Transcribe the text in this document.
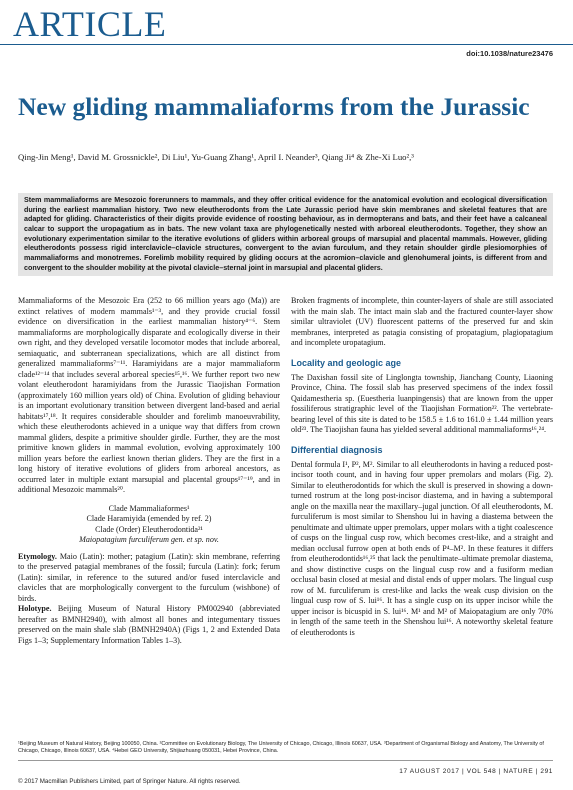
ARTICLE
doi:10.1038/nature23476
New gliding mammaliaforms from the Jurassic
Qing-Jin Meng¹, David M. Grossnickle², Di Liu¹, Yu-Guang Zhang¹, April I. Neander³, Qiang Ji⁴ & Zhe-Xi Luo²,³
Stem mammaliaforms are Mesozoic forerunners to mammals, and they offer critical evidence for the anatomical evolution and ecological diversification during the earliest mammalian history. Two new eleutherodonts from the Late Jurassic period have skin membranes and skeletal features that are adapted for gliding. Characteristics of their digits provide evidence of roosting behaviour, as in dermopterans and bats, and their feet have a calcaneal calcar to support the uropagatium as in bats. The new volant taxa are phylogenetically nested with arboreal eleutherodonts. Together, they show an evolutionary experimentation similar to the iterative evolutions of gliders within arboreal groups of marsupial and placental mammals. However, gliding eleutherodonts possess rigid interclavicle–clavicle structures, convergent to the avian furculum, and they retain shoulder girdle plesiomorphies of mammaliaforms and monotremes. Forelimb mobility required by gliding occurs at the acromion–clavicle and glenohumeral joints, is different from and convergent to the shoulder mobility at the pivotal clavicle–sternal joint in marsupial and placental gliders.

Mammaliaforms of the Mesozoic Era (252 to 66 million years ago (Ma)) are extinct relatives of modern mammals¹⁻³, and they provide crucial fossil evidence on diversification in the earliest mammalian history⁴⁻⁶. Stem mammaliaforms are morphologically disparate and ecologically diverse in their own right, and they developed versatile locomotor modes that include arboreal, semiaquatic, and subterranean specializations, which are all distinct from generalized mammaliaforms⁷⁻¹¹. Haramiyidans are a major mammaliaform clade¹²⁻¹⁴ that includes several arboreal species¹⁵,¹⁶. We further report two new volant eleutherodont haramiyidans from the Jurassic Tiaojishan Formation (approximately 160 million years old) of China. Evolution of gliding behaviour is an important evolutionary transition between divergent land-based and aerial habitats¹⁷,¹⁸. It requires considerable shoulder and forelimb manoeuvrability, which these eleutherodonts achieved in a unique way that differs from crown mammal gliders, despite a primitive shoulder girdle. Further, they are the most primitive known gliders in mammal evolution, evolving approximately 100 million years before the earliest known therian gliders. They are the first in a long history of iterative evolutions of gliders from arboreal ancestors, as occurred later in multiple extant marsupial and placental groups¹⁷⁻¹⁹, and in additional Mesozoic mammals²⁰.

Clade Mammaliaformes¹
Clade Haramiyida (emended by ref. 2)
Clade (Order) Eleutherodontida²¹
Maiopatagium furculiferum gen. et sp. nov.

Etymology. Maio (Latin): mother; patagium (Latin): skin membrane, referring to the preserved patagial membranes of the fossil; furcula (Latin): fork; ferum (Latin): similar, in reference to the sutured and/or fused interclavicle and clavicles that are morphologically convergent to the furculum (wishbone) of birds.

Holotype. Beijing Museum of Natural History PM002940 (abbreviated hereafter as BMNH2940), with almost all bones and integumentary tissues preserved on the main shale slab (BMNH2940A) (Figs 1, 2 and Extended Data Figs 1–3; Supplementary Information Tables 1–3).

Broken fragments of incomplete, thin counter-layers of shale are still associated with the main slab. The intact main slab and the fractured counter-layer show similar ultraviolet (UV) fluorescent patterns of the preserved fur and skin membranes, interpreted as patagia consisting of propatagium, plagiopatagium and incomplete uropatagium.

Locality and geologic age

The Daxishan fossil site of Linglongta township, Jianchang County, Liaoning Province, China. The fossil slab has preserved specimens of the index fossil Qaidamestheria sp. (Euestheria luanpingensis) that are known from the upper fossiliferous stratigraphic level of the Tiaojishan Formation²². The vertebrate-bearing level of this site is dated to be 158.5 ± 1.6 to 161.0 ± 1.44 million years old²³. The Tiaojishan fauna has yielded several additional mammaliaforms¹⁶,²⁴.

Differential diagnosis

Dental formula I¹, P², M². Similar to all eleutherodonts in having a reduced post-incisor tooth count, and in having four upper premolars and molars (Fig. 2). Similar to eleutherodontids for which the skull is preserved in showing a down-turned rostrum at the long post-incisor diastema, and in having a subtemporal angle on the maxilla near the maxillary–jugal junction. Of all eleutherodonts, M. furculiferum is most similar to Shenshou lui in having a diastema between the penultimate and ultimate upper premolars, upper molars with a tight coalescence of cusps on the lingual cusp row, which becomes crest-like, and a straight and median occlusal furrow open at both ends of P⁴–M². In these features it differs from eleutherodontids¹⁶,²⁵ that lack the penultimate–ultimate premolar diastema, and show distinctive cusps on the lingual cusp row and a fusiform median occlusal basin closed at mesial and distal ends of upper molars. The lingual cusp row of M. furculiferum is crest-like and lacks the weak cusp division on the lingual cusp row of S. lui¹⁶. It has a single cusp on its upper incisor while the upper incisor is bicuspid in S. lui¹⁶. M¹ and M² of Maiopatagium are only 70% in length of the same teeth in the Shenshou lui¹⁶. A noteworthy skeletal feature of eleutherodonts is

¹Beijing Museum of Natural History, Beijing 100050, China. ²Committee on Evolutionary Biology, The University of Chicago, Chicago, Illinois 60637, USA. ³Department of Organismal Biology and Anatomy, The University of Chicago, Chicago, Illinois 60637, USA. ⁴Hebei GEO University, Shijiazhuang 050031, Hebei Province, China.
17 AUGUST 2017 | VOL 548 | NATURE | 291
© 2017 Macmillan Publishers Limited, part of Springer Nature. All rights reserved.
